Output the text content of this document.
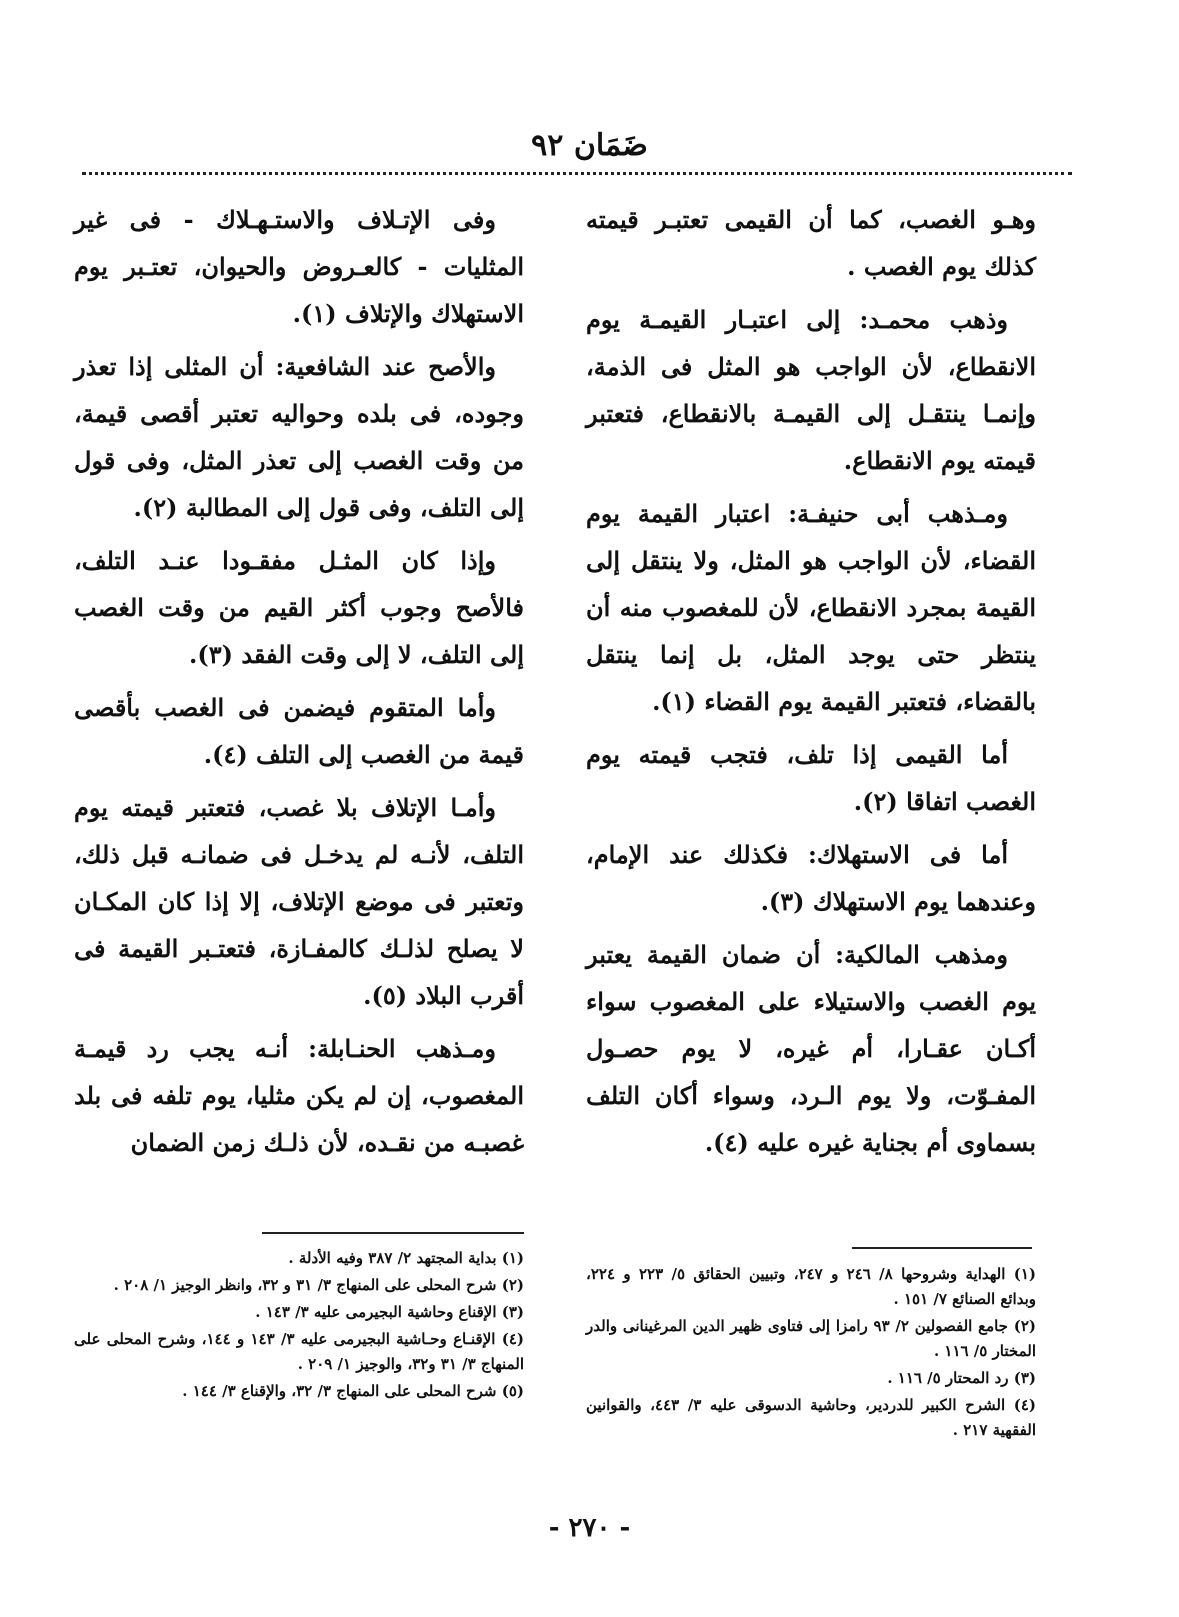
ضَمَان ٩٢

وهـو الغصب، كما أن القيمى تعتبـر قيمته كذلك يوم الغصب .

وذهب محمـد: إلى اعتبـار القيمـة يوم الانقطاع، لأن الواجب هو المثل فى الذمة، وإنمـا ينتقـل إلى القيمـة بالانقطاع، فتعتبر قيمته يوم الانقطاع.

ومـذهب أبى حنيفـة: اعتبار القيمة يوم القضاء، لأن الواجب هو المثل، ولا ينتقل إلى القيمة بمجرد الانقطاع، لأن للمغصوب منه أن ينتظر حتى يوجد المثل، بل إنما ينتقل بالقضاء، فتعتبر القيمة يوم القضاء (١).

أما القيمى إذا تلف، فتجب قيمته يوم الغصب اتفاقا (٢).

أما فى الاستهلاك: فكذلك عند الإمام، وعندهما يوم الاستهلاك (٣).

ومذهب المالكية: أن ضمان القيمة يعتبر يوم الغصب والاستيلاء على المغصوب سواء أكـان عقـارا، أم غيره، لا يوم حصـول المفـوّت، ولا يوم الـرد، وسواء أكان التلف بسماوى أم بجناية غيره عليه (٤).

وفى الإتـلاف والاستـهـلاك - فى غير المثليات - كالعـروض والحيوان، تعتـبر يوم الاستهلاك والإتلاف (١).

والأصح عند الشافعية: أن المثلى إذا تعذر وجوده، فى بلده وحواليه تعتبر أقصى قيمة، من وقت الغصب إلى تعذر المثل، وفى قول إلى التلف، وفى قول إلى المطالبة (٢).

وإذا كان المثـل مفقـودا عنـد التلف، فالأصح وجوب أكثر القيم من وقت الغصب إلى التلف، لا إلى وقت الفقد (٣).

وأما المتقوم فيضمن فى الغصب بأقصى قيمة من الغصب إلى التلف (٤).

وأمـا الإتلاف بلا غصب، فتعتبر قيمته يوم التلف، لأنـه لم يدخـل فى ضمانـه قبل ذلك، وتعتبر فى موضع الإتلاف، إلا إذا كان المكـان لا يصلح لذلـك كالمفـازة، فتعتـبر القيمة فى أقرب البلاد (٥).

ومـذهب الحنـابلة: أنـه يجب رد قيمـة المغصوب، إن لم يكن مثليا، يوم تلفه فى بلد غصبـه من نقـده، لأن ذلـك زمن الضمان

(١) الهداية وشروحها ٨/ ٢٤٦ و ٢٤٧، وتبيين الحقائق ٥/ ٢٢٣ و ٢٢٤، وبدائع الصنائع ٧/ ١٥١ .

(٢) جامع الفصولين ٢/ ٩٣ رامزا إلى فتاوى ظهير الدين المرغينانى والدر المختار ٥/ ١١٦ .

(٣) رد المحتار ٥/ ١١٦ .

(٤) الشرح الكبير للدردير، وحاشية الدسوقى عليه ٣/ ٤٤٣، والقوانين الفقهية ٢١٧ .

(١) بداية المجتهد ٢/ ٣٨٧ وفيه الأدلة .

(٢) شرح المحلى على المنهاج ٣/ ٣١ و ٣٢، وانظر الوجيز ١/ ٢٠٨ .

(٣) الإقناع وحاشية البجيرمى عليه ٣/ ١٤٣ .

(٤) الإقنـاع وحـاشية البجيرمى عليه ٣/ ١٤٣ و ١٤٤، وشرح المحلى على المنهاج ٣/ ٣١ و٣٢، والوجيز ١/ ٢٠٩ .

(٥) شرح المحلى على المنهاج ٣/ ٣٢، والإقناع ٣/ ١٤٤ .

- ٢٧٠ -
